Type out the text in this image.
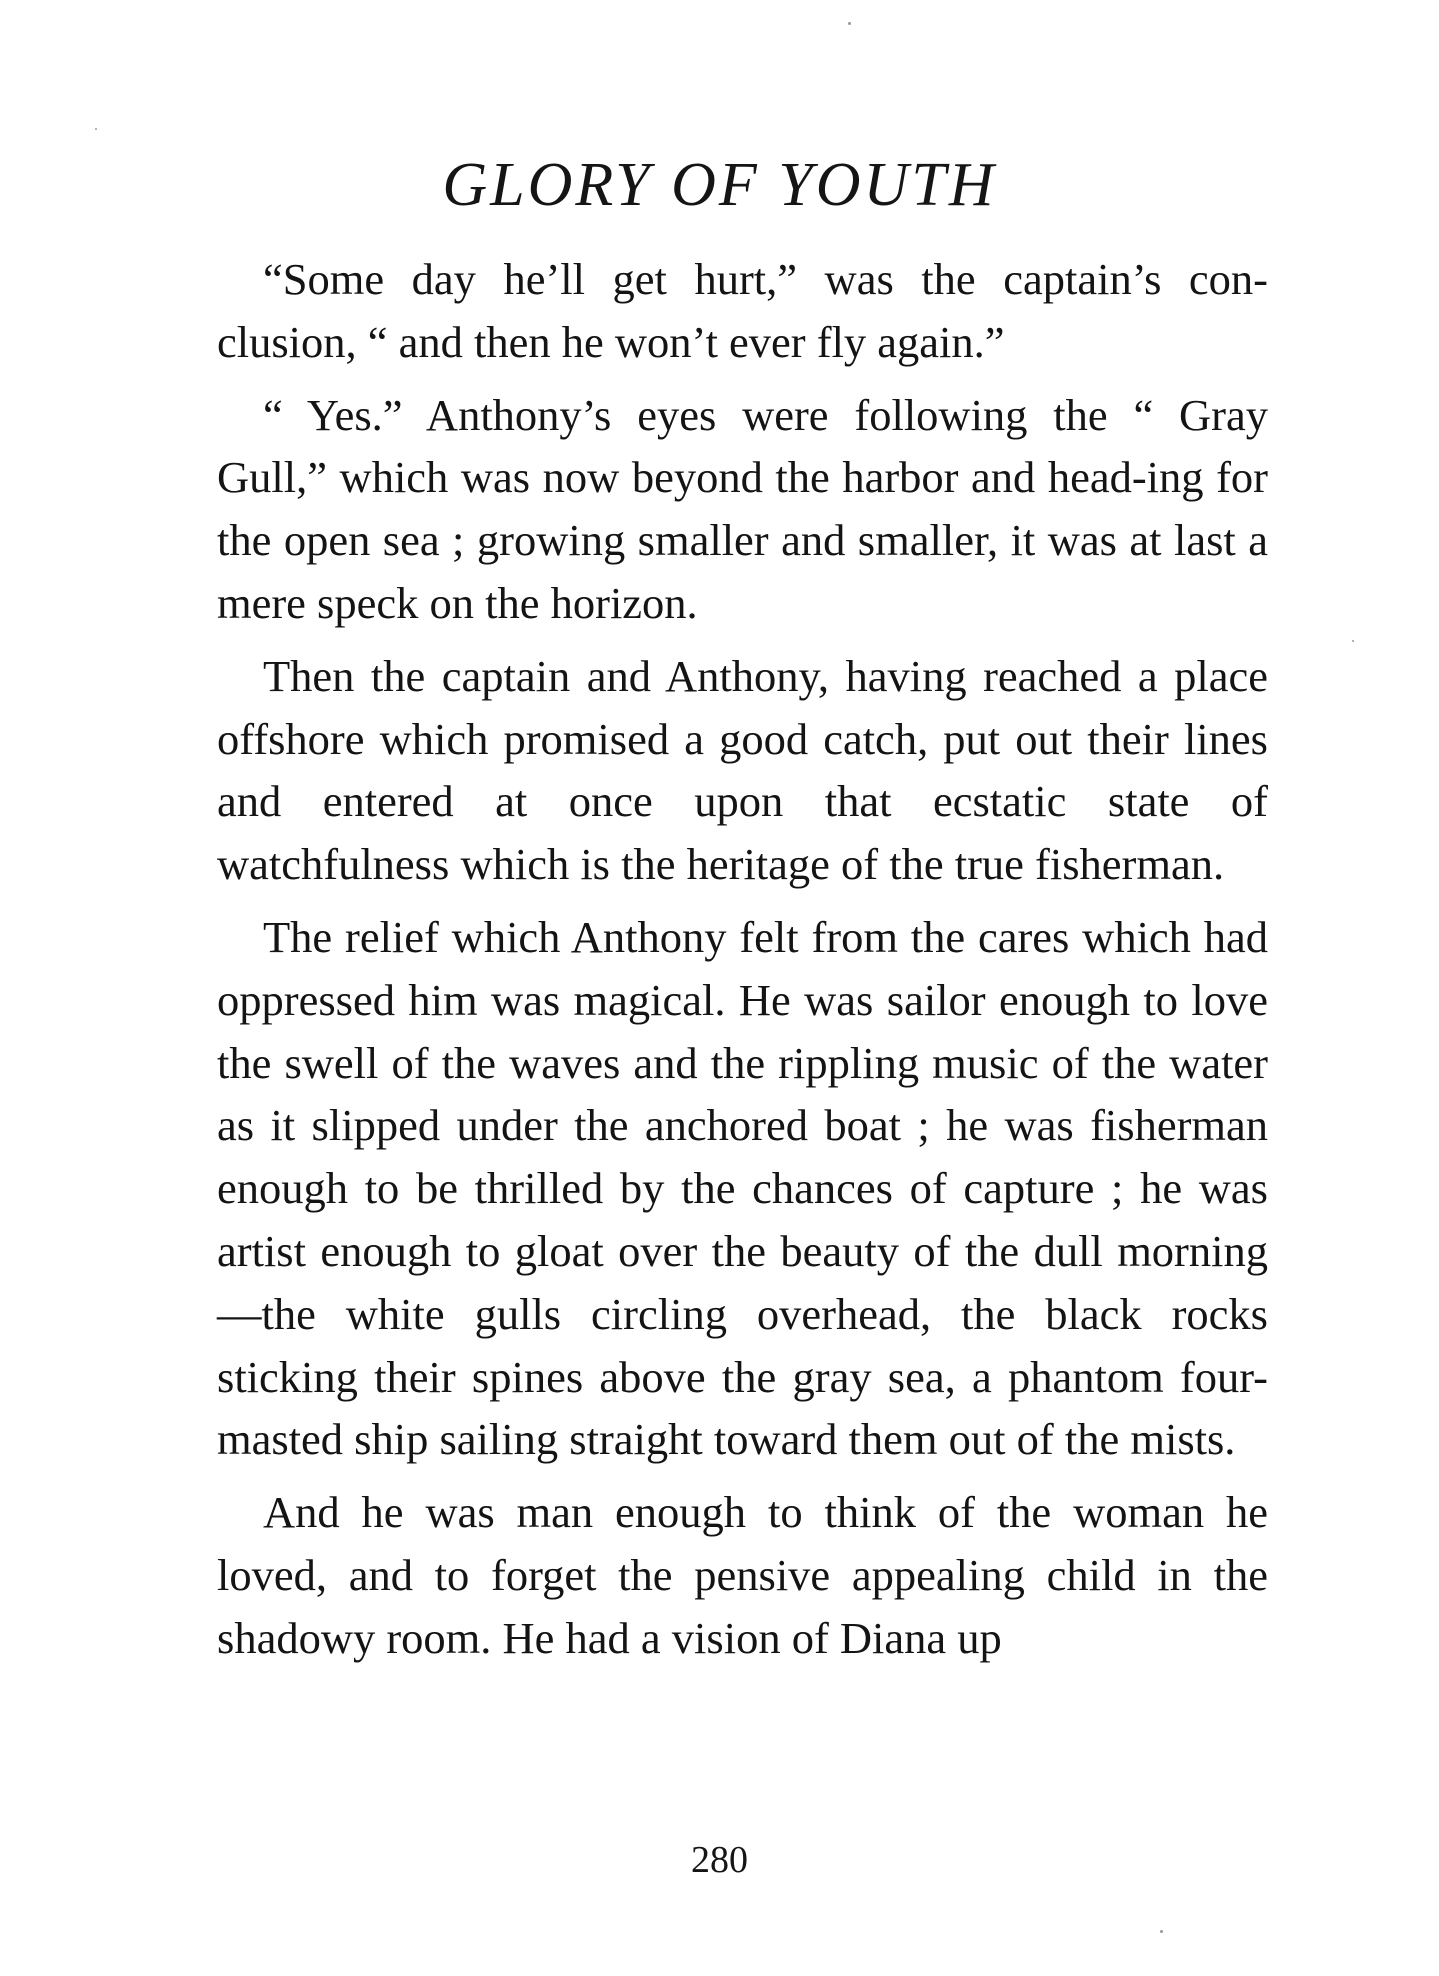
GLORY OF YOUTH

“Some day he’ll get hurt,” was the captain’s con-clusion, “ and then he won’t ever fly again.”

“ Yes.” Anthony’s eyes were following the “ Gray Gull,” which was now beyond the harbor and head-ing for the open sea ; growing smaller and smaller, it was at last a mere speck on the horizon.

Then the captain and Anthony, having reached a place offshore which promised a good catch, put out their lines and entered at once upon that ecstatic state of watchfulness which is the heritage of the true fisherman.

The relief which Anthony felt from the cares which had oppressed him was magical. He was sailor enough to love the swell of the waves and the rippling music of the water as it slipped under the anchored boat ; he was fisherman enough to be thrilled by the chances of capture ; he was artist enough to gloat over the beauty of the dull morning —the white gulls circling overhead, the black rocks sticking their spines above the gray sea, a phantom four-masted ship sailing straight toward them out of the mists.

And he was man enough to think of the woman he loved, and to forget the pensive appealing child in the shadowy room. He had a vision of Diana up

280
